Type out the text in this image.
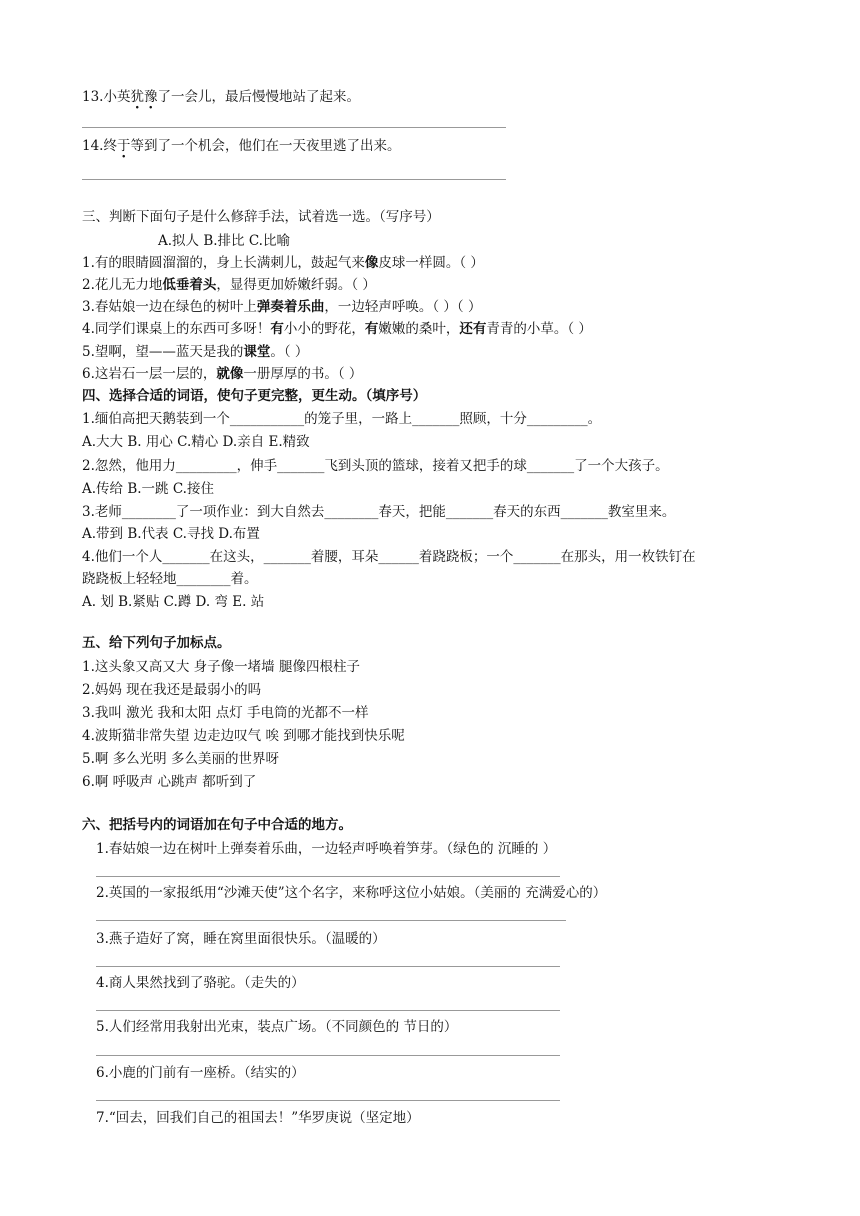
13.小英犹豫了一会儿，最后慢慢地站了起来。
14.终于等到了一个机会，他们在一天夜里逃了出来。
三、判断下面句子是什么修辞手法，试着选一选。（写序号）
A.拟人 B.排比 C.比喻
1.有的眼睛圆溜溜的，身上长满刺儿，鼓起气来像皮球一样圆。（ ）
2.花儿无力地低垂着头，显得更加娇嫩纤弱。（ ）
3.春姑娘一边在绿色的树叶上弹奏着乐曲，一边轻声呼唤。（ ）（ ）
4.同学们课桌上的东西可多呀！有小小的野花，有嫩嫩的桑叶，还有青青的小草。（ ）
5.望啊，望——蓝天是我的课堂。（ ）
6.这岩石一层一层的，就像一册厚厚的书。（ ）
四、选择合适的词语，使句子更完整，更生动。（填序号）
1.缅伯高把天鹅装到一个___________的笼子里，一路上_______照顾，十分_________。
A.大大 B. 用心 C.精心 D.亲自 E.精致
2.忽然，他用力_________，伸手_______飞到头顶的篮球，接着又把手的球_______了一个大孩子。
A.传给 B.一跳 C.接住
3.老师________了一项作业：到大自然去________春天，把能_______春天的东西_______教室里来。
A.带到 B.代表 C.寻找 D.布置
4.他们一个人_______在这头，_______着腰，耳朵______着跷跷板；一个_______在那头，用一枚铁钉在
跷跷板上轻轻地________着。
A. 划 B.紧贴 C.蹲 D. 弯 E. 站
五、给下列句子加标点。
1.这头象又高又大 身子像一堵墙 腿像四根柱子
2.妈妈 现在我还是最弱小的吗
3.我叫 激光 我和太阳 点灯 手电筒的光都不一样
4.波斯猫非常失望 边走边叹气 唉 到哪才能找到快乐呢
5.啊 多么光明 多么美丽的世界呀
6.啊 呼吸声 心跳声 都听到了
六、把括号内的词语加在句子中合适的地方。
1.春姑娘一边在树叶上弹奏着乐曲，一边轻声呼唤着笋芽。（绿色的 沉睡的 ）
2.英国的一家报纸用“沙滩天使”这个名字，来称呼这位小姑娘。（美丽的 充满爱心的）
3.燕子造好了窝，睡在窝里面很快乐。（温暖的）
4.商人果然找到了骆驼。（走失的）
5.人们经常用我射出光束，装点广场。（不同颜色的 节日的）
6.小鹿的门前有一座桥。（结实的）
7.“回去，回我们自己的祖国去！”华罗庚说（坚定地）
